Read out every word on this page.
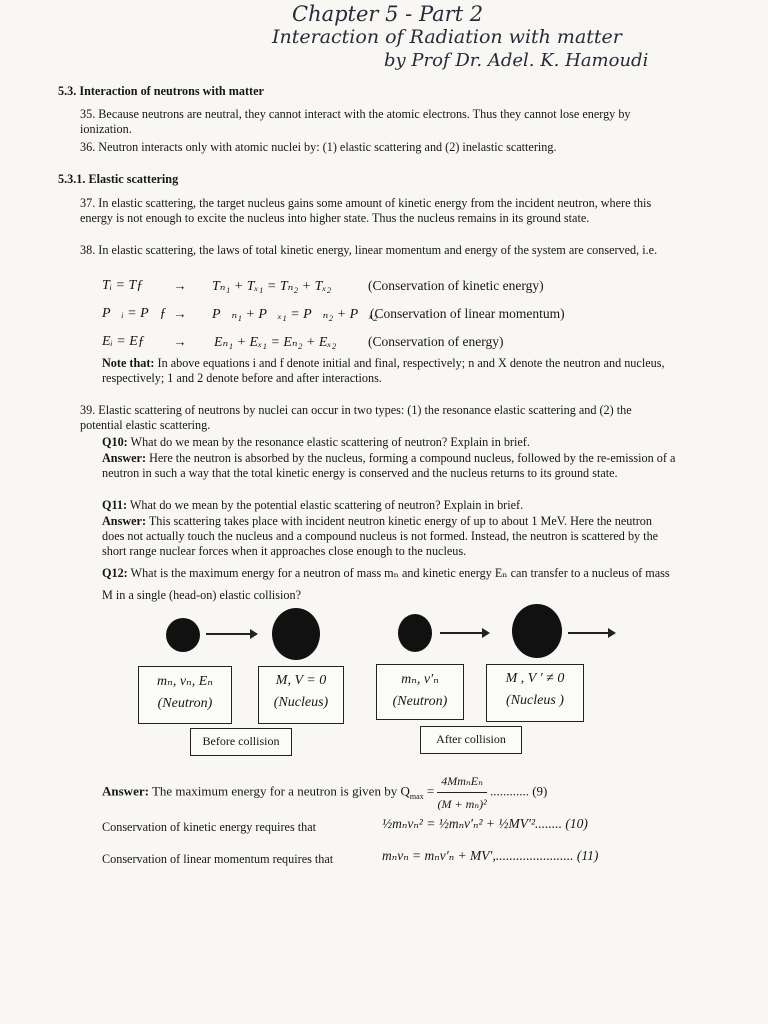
Chapter 5 - Part 2
Interaction of Radiation with matter
by Prof Dr. Adel. K. Hamoudi
5.3. Interaction of neutrons with matter
35. Because neutrons are neutral, they cannot interact with the atomic electrons. Thus they cannot lose energy by ionization.
36. Neutron interacts only with atomic nuclei by: (1) elastic scattering and (2) inelastic scattering.
5.3.1. Elastic scattering
37. In elastic scattering, the target nucleus gains some amount of kinetic energy from the incident neutron, where this energy is not enough to excite the nucleus into higher state. Thus the nucleus remains in its ground state.
38. In elastic scattering, the laws of total kinetic energy, linear momentum and energy of the system are conserved, i.e.
Tᵢ = Tƒ → Tₙ₁ + Tₓ₁ = Tₙ₂ + Tₓ₂	(Conservation of kinetic energy)
P⃗ᵢ = P⃗ƒ → P⃗ₙ₁ + P⃗ₓ₁ = P⃗ₙ₂ + P⃗ₓ₂
(Conservation of linear momentum)
Eᵢ = Eƒ → Eₙ₁ + Eₓ₁ = Eₙ₂ + Eₓ₂ (Conservation of energy)
Note that: In above equations i and f denote initial and final, respectively; n and X denote the neutron and nucleus, respectively; 1 and 2 denote before and after interactions.
39. Elastic scattering of neutrons by nuclei can occur in two types: (1) the resonance elastic scattering and (2) the potential elastic scattering.
Q10: What do we mean by the resonance elastic scattering of neutron? Explain in brief.
Answer: Here the neutron is absorbed by the nucleus, forming a compound nucleus, followed by the re-emission of a neutron in such a way that the total kinetic energy is conserved and the nucleus returns to its ground state.
Q11: What do we mean by the potential elastic scattering of neutron? Explain in brief.
Answer: This scattering takes place with incident neutron kinetic energy of up to about 1 MeV. Here the neutron does not actually touch the nucleus and a compound nucleus is not formed. Instead, the neutron is scattered by the short range nuclear forces when it approaches close enough to the nucleus.
Q12: What is the maximum energy for a neutron of mass mₙ and kinetic energy Eₙ can transfer to a nucleus of mass M in a single (head-on) elastic collision?
mₙ, vₙ, Eₙ
(Neutron)
M, V = 0
(Nucleus)
mₙ, v′ₙ
(Neutron)
M , V ′ ≠ 0
(Nucleus )
Before collision	After collision
Answer: The maximum energy for a neutron is given by $Q_{max} = \frac{\text{4MmₙEₙ}}{\text{(M + mₙ)²}}$ ............ (9)
Conservation of kinetic energy requires that	½mₙvₙ² = ½mₙv′ₙ² + ½MV′²........ (10)
Conservation of linear momentum requires that	mₙvₙ = mₙv′ₙ + MV′,....................... (11)
